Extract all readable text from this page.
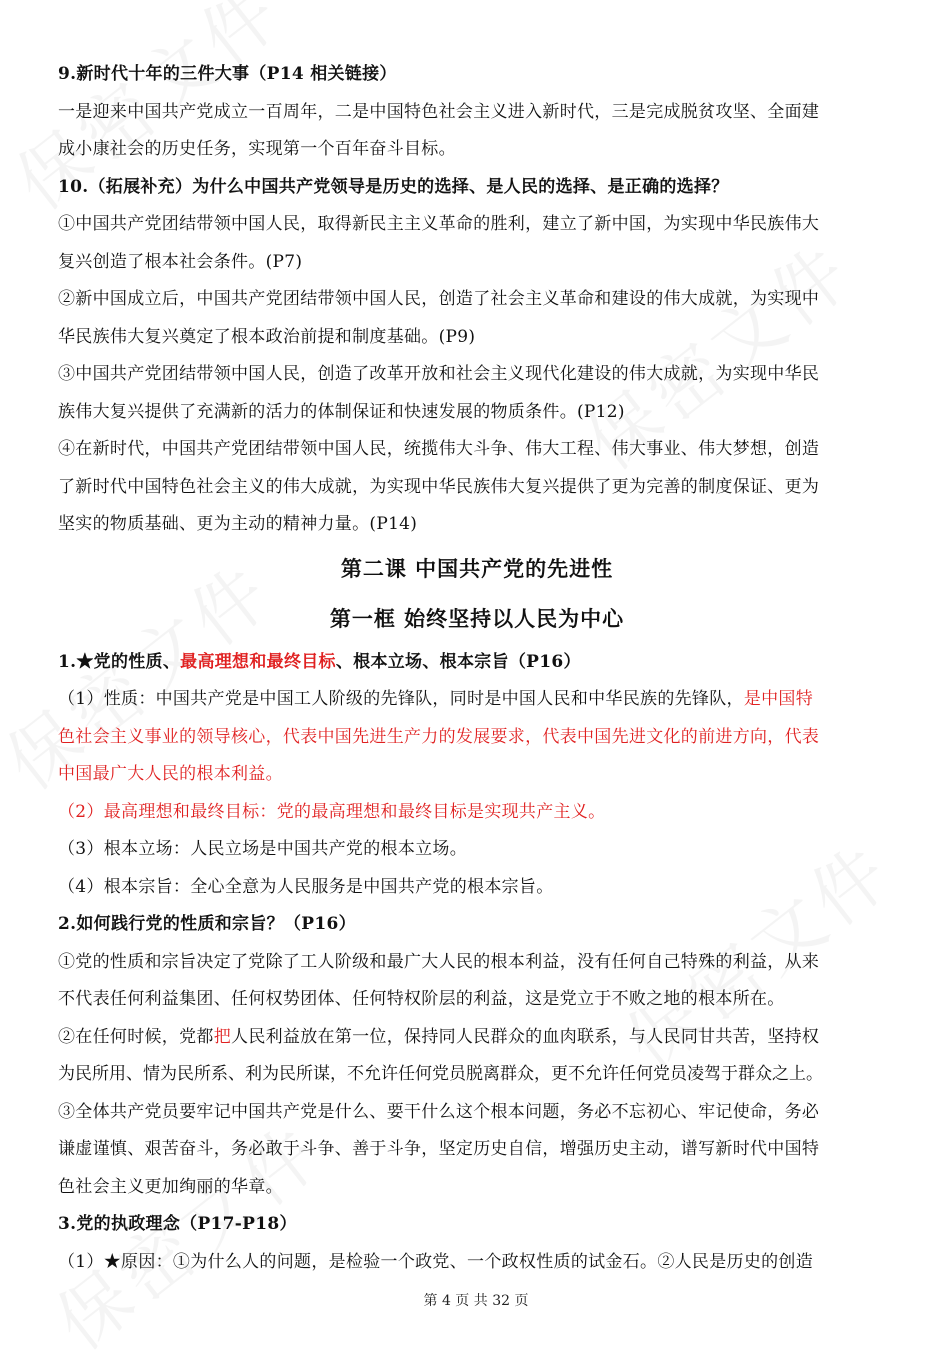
9.新时代十年的三件大事（P14 相关链接）
一是迎来中国共产党成立一百周年，二是中国特色社会主义进入新时代，三是完成脱贫攻坚、全面建
成小康社会的历史任务，实现第一个百年奋斗目标。
10.（拓展补充）为什么中国共产党领导是历史的选择、是人民的选择、是正确的选择？
①中国共产党团结带领中国人民，取得新民主主义革命的胜利，建立了新中国，为实现中华民族伟大
复兴创造了根本社会条件。(P7)
②新中国成立后，中国共产党团结带领中国人民，创造了社会主义革命和建设的伟大成就，为实现中
华民族伟大复兴奠定了根本政治前提和制度基础。(P9)
③中国共产党团结带领中国人民，创造了改革开放和社会主义现代化建设的伟大成就，为实现中华民
族伟大复兴提供了充满新的活力的体制保证和快速发展的物质条件。(P12)
④在新时代，中国共产党团结带领中国人民，统揽伟大斗争、伟大工程、伟大事业、伟大梦想，创造
了新时代中国特色社会主义的伟大成就，为实现中华民族伟大复兴提供了更为完善的制度保证、更为
坚实的物质基础、更为主动的精神力量。(P14)
第二课 中国共产党的先进性
第一框 始终坚持以人民为中心
1.★党的性质、最高理想和最终目标、根本立场、根本宗旨（P16）
（1）性质：中国共产党是中国工人阶级的先锋队，同时是中国人民和中华民族的先锋队，是中国特
色社会主义事业的领导核心，代表中国先进生产力的发展要求，代表中国先进文化的前进方向，代表
中国最广大人民的根本利益。
（2）最高理想和最终目标：党的最高理想和最终目标是实现共产主义。
（3）根本立场：人民立场是中国共产党的根本立场。
（4）根本宗旨：全心全意为人民服务是中国共产党的根本宗旨。
2.如何践行党的性质和宗旨？（P16）
①党的性质和宗旨决定了党除了工人阶级和最广大人民的根本利益，没有任何自己特殊的利益，从来
不代表任何利益集团、任何权势团体、任何特权阶层的利益，这是党立于不败之地的根本所在。
②在任何时候，党都把人民利益放在第一位，保持同人民群众的血肉联系，与人民同甘共苦，坚持权
为民所用、情为民所系、利为民所谋，不允许任何党员脱离群众，更不允许任何党员凌驾于群众之上。
③全体共产党员要牢记中国共产党是什么、要干什么这个根本问题，务必不忘初心、牢记使命，务必
谦虚谨慎、艰苦奋斗，务必敢于斗争、善于斗争，坚定历史自信，增强历史主动，谱写新时代中国特
色社会主义更加绚丽的华章。
3.党的执政理念（P17-P18）
（1）★原因：①为什么人的问题，是检验一个政党、一个政权性质的试金石。②人民是历史的创造
第 4 页 共 32 页
